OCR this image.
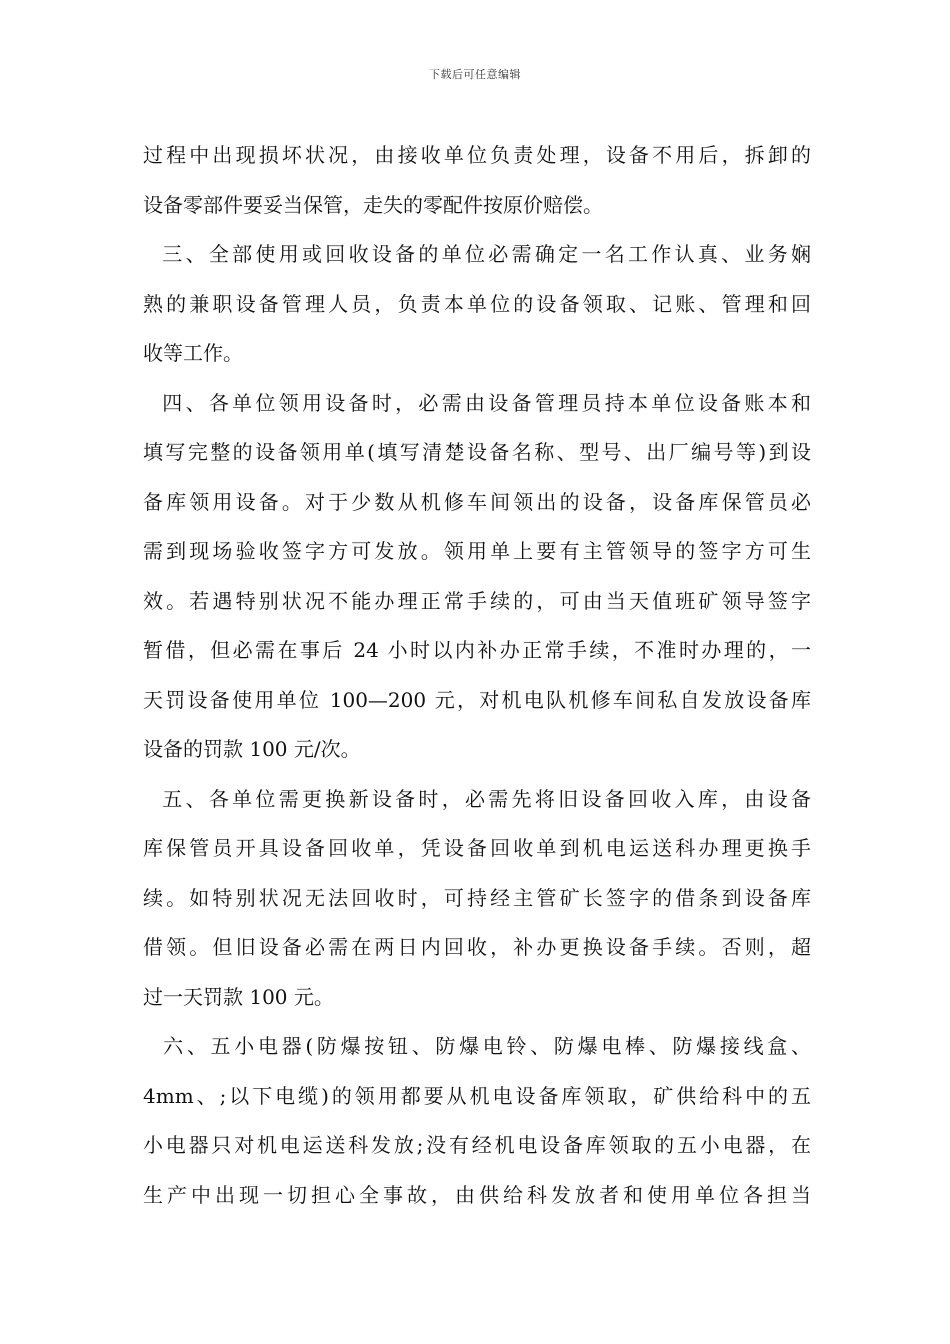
下载后可任意编辑
过程中出现损坏状况，由接收单位负责处理，设备不用后，拆卸的
设备零部件要妥当保管，走失的零配件按原价赔偿。
三、全部使用或回收设备的单位必需确定一名工作认真、业务娴
熟的兼职设备管理人员，负责本单位的设备领取、记账、管理和回
收等工作。
四、各单位领用设备时，必需由设备管理员持本单位设备账本和
填写完整的设备领用单(填写清楚设备名称、型号、出厂编号等)到设
备库领用设备。对于少数从机修车间领出的设备，设备库保管员必
需到现场验收签字方可发放。领用单上要有主管领导的签字方可生
效。若遇特别状况不能办理正常手续的，可由当天值班矿领导签字
暂借，但必需在事后 24 小时以内补办正常手续，不准时办理的，一
天罚设备使用单位 100—200 元，对机电队机修车间私自发放设备库
设备的罚款 100 元/次。
五、各单位需更换新设备时，必需先将旧设备回收入库，由设备
库保管员开具设备回收单，凭设备回收单到机电运送科办理更换手
续。如特别状况无法回收时，可持经主管矿长签字的借条到设备库
借领。但旧设备必需在两日内回收，补办更换设备手续。否则，超
过一天罚款 100 元。
六、五小电器(防爆按钮、防爆电铃、防爆电棒、防爆接线盒、
4mm、;以下电缆)的领用都要从机电设备库领取，矿供给科中的五
小电器只对机电运送科发放;没有经机电设备库领取的五小电器，在
生产中出现一切担心全事故，由供给科发放者和使用单位各担当
